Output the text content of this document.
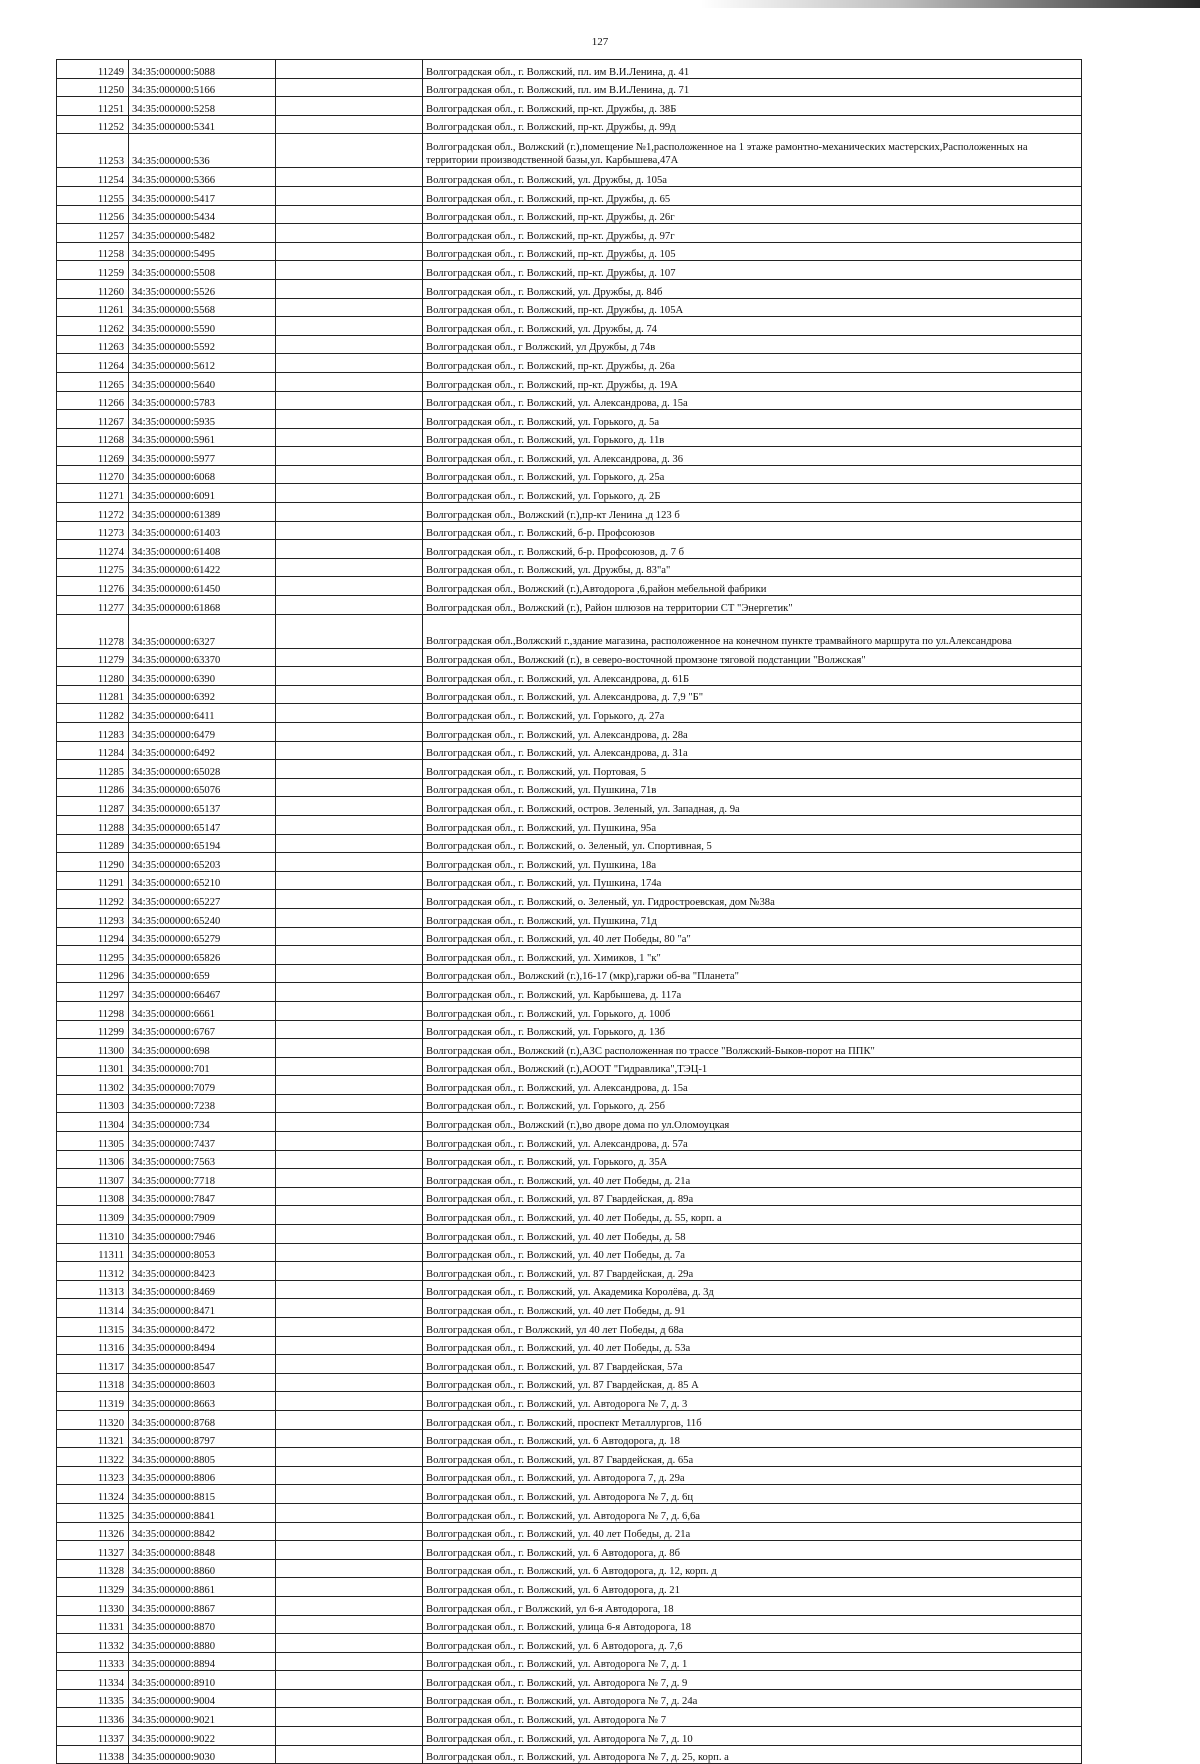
127
11249	34:35:000000:5088		Волгоградская обл., г. Волжский, пл. им В.И.Ленина, д. 41
11250	34:35:000000:5166		Волгоградская обл., г. Волжский, пл. им В.И.Ленина, д. 71
11251	34:35:000000:5258		Волгоградская обл., г. Волжский, пр-кт. Дружбы, д. 38Б
11252	34:35:000000:5341		Волгоградская обл., г. Волжский, пр-кт. Дружбы, д. 99д
11253	34:35:000000:536		Волгоградская обл., Волжский (г.),помещение №1,расположенное на 1 этаже рамонтно-механических мастерских,Расположенных на территории производственной базы,ул. Карбышева,47А
11254	34:35:000000:5366		Волгоградская обл., г. Волжский, ул. Дружбы, д. 105а
11255	34:35:000000:5417		Волгоградская обл., г. Волжский, пр-кт. Дружбы, д. 65
11256	34:35:000000:5434		Волгоградская обл., г. Волжский, пр-кт. Дружбы, д. 26г
11257	34:35:000000:5482		Волгоградская обл., г. Волжский, пр-кт. Дружбы, д. 97г
11258	34:35:000000:5495		Волгоградская обл., г. Волжский, пр-кт. Дружбы, д. 105
11259	34:35:000000:5508		Волгоградская обл., г. Волжский, пр-кт. Дружбы, д. 107
11260	34:35:000000:5526		Волгоградская обл., г. Волжский, ул. Дружбы, д. 84б
11261	34:35:000000:5568		Волгоградская обл., г. Волжский, пр-кт. Дружбы, д. 105А
11262	34:35:000000:5590		Волгоградская обл., г. Волжский, ул. Дружбы, д. 74
11263	34:35:000000:5592		Волгоградская обл., г Волжский, ул Дружбы, д 74в
11264	34:35:000000:5612		Волгоградская обл., г. Волжский, пр-кт. Дружбы, д. 26а
11265	34:35:000000:5640		Волгоградская обл., г. Волжский, пр-кт. Дружбы, д. 19А
11266	34:35:000000:5783		Волгоградская обл., г. Волжский, ул. Александрова, д. 15а
11267	34:35:000000:5935		Волгоградская обл., г. Волжский, ул. Горького, д. 5а
11268	34:35:000000:5961		Волгоградская обл., г. Волжский, ул. Горького, д. 11в
11269	34:35:000000:5977		Волгоградская обл., г. Волжский, ул. Александрова, д. 36
11270	34:35:000000:6068		Волгоградская обл., г. Волжский, ул. Горького, д. 25а
11271	34:35:000000:6091		Волгоградская обл., г. Волжский, ул. Горького, д. 2Б
11272	34:35:000000:61389		Волгоградская обл., Волжский (г.),пр-кт Ленина ,д 123 б
11273	34:35:000000:61403		Волгоградская обл., г. Волжский, б-р. Профсоюзов
11274	34:35:000000:61408		Волгоградская обл., г. Волжский, б-р. Профсоюзов, д. 7 б
11275	34:35:000000:61422		Волгоградская обл., г. Волжский, ул. Дружбы, д. 83"а"
11276	34:35:000000:61450		Волгоградская обл., Волжский (г.),Автодорога ,6,район мебельной фабрики
11277	34:35:000000:61868		Волгоградская обл., Волжский (г.), Район шлюзов на территории СТ "Энергетик"
11278	34:35:000000:6327		Волгоградская обл.,Волжский г.,здание магазина, расположенное на конечном пункте трамвайного маршрута по ул.Александрова
11279	34:35:000000:63370		Волгоградская обл., Волжский (г.), в северо-восточной промзоне тяговой подстанции "Волжская"
11280	34:35:000000:6390		Волгоградская обл., г. Волжский, ул. Александрова, д. 61Б
11281	34:35:000000:6392		Волгоградская обл., г. Волжский, ул. Александрова, д. 7,9 "Б"
11282	34:35:000000:6411		Волгоградская обл., г. Волжский, ул. Горького, д. 27а
11283	34:35:000000:6479		Волгоградская обл., г. Волжский, ул. Александрова, д. 28а
11284	34:35:000000:6492		Волгоградская обл., г. Волжский, ул. Александрова, д. 31а
11285	34:35:000000:65028		Волгоградская обл., г. Волжский, ул. Портовая, 5
11286	34:35:000000:65076		Волгоградская обл., г. Волжский, ул. Пушкина, 71в
11287	34:35:000000:65137		Волгоградская обл., г. Волжский, остров. Зеленый, ул. Западная, д. 9а
11288	34:35:000000:65147		Волгоградская обл., г. Волжский, ул. Пушкина, 95а
11289	34:35:000000:65194		Волгоградская обл., г. Волжский, о. Зеленый, ул. Спортивная, 5
11290	34:35:000000:65203		Волгоградская обл., г. Волжский, ул. Пушкина, 18а
11291	34:35:000000:65210		Волгоградская обл., г. Волжский, ул. Пушкина, 174а
11292	34:35:000000:65227		Волгоградская обл., г. Волжский, о. Зеленый, ул. Гидростроевская, дом №38а
11293	34:35:000000:65240		Волгоградская обл., г. Волжский, ул. Пушкина, 71д
11294	34:35:000000:65279		Волгоградская обл., г. Волжский, ул. 40 лет Победы, 80 "а"
11295	34:35:000000:65826		Волгоградская обл., г. Волжский, ул. Химиков, 1 "к"
11296	34:35:000000:659		Волгоградская обл., Волжский (г.),16-17 (мкр),гаржи об-ва "Планета"
11297	34:35:000000:66467		Волгоградская обл., г. Волжский, ул. Карбышева, д. 117а
11298	34:35:000000:6661		Волгоградская обл., г. Волжский, ул. Горького, д. 100б
11299	34:35:000000:6767		Волгоградская обл., г. Волжский, ул. Горького, д. 13б
11300	34:35:000000:698		Волгоградская обл., Волжский (г.),АЗС расположенная по трассе "Волжский-Быков-порот на ППК"
11301	34:35:000000:701		Волгоградская обл., Волжский (г.),АООТ "Гидравлика",ТЭЦ-1
11302	34:35:000000:7079		Волгоградская обл., г. Волжский, ул. Александрова, д. 15а
11303	34:35:000000:7238		Волгоградская обл., г. Волжский, ул. Горького, д. 25б
11304	34:35:000000:734		Волгоградская обл., Волжский (г.),во дворе дома по ул.Оломоуцкая
11305	34:35:000000:7437		Волгоградская обл., г. Волжский, ул. Александрова, д. 57а
11306	34:35:000000:7563		Волгоградская обл., г. Волжский, ул. Горького, д. 35А
11307	34:35:000000:7718		Волгоградская обл., г. Волжский, ул. 40 лет Победы, д. 21а
11308	34:35:000000:7847		Волгоградская обл., г. Волжский, ул. 87 Гвардейская, д. 89а
11309	34:35:000000:7909		Волгоградская обл., г. Волжский, ул. 40 лет Победы, д. 55, корп. а
11310	34:35:000000:7946		Волгоградская обл., г. Волжский, ул. 40 лет Победы, д. 58
11311	34:35:000000:8053		Волгоградская обл., г. Волжский, ул. 40 лет Победы, д. 7а
11312	34:35:000000:8423		Волгоградская обл., г. Волжский, ул. 87 Гвардейская, д. 29а
11313	34:35:000000:8469		Волгоградская обл., г. Волжский, ул. Академика Королёва, д. 3д
11314	34:35:000000:8471		Волгоградская обл., г. Волжский, ул. 40 лет Победы, д. 91
11315	34:35:000000:8472		Волгоградская обл., г Волжский, ул 40 лет Победы, д 68а
11316	34:35:000000:8494		Волгоградская обл., г. Волжский, ул. 40 лет Победы, д. 53а
11317	34:35:000000:8547		Волгоградская обл., г. Волжский, ул. 87 Гвардейская, 57а
11318	34:35:000000:8603		Волгоградская обл., г. Волжский, ул. 87 Гвардейская, д. 85 А
11319	34:35:000000:8663		Волгоградская обл., г. Волжский, ул. Автодорога № 7, д. 3
11320	34:35:000000:8768		Волгоградская обл., г. Волжский, проспект Металлургов, 11б
11321	34:35:000000:8797		Волгоградская обл., г. Волжский, ул. 6 Автодорога, д. 18
11322	34:35:000000:8805		Волгоградская обл., г. Волжский, ул. 87 Гвардейская, д. 65а
11323	34:35:000000:8806		Волгоградская обл., г. Волжский, ул. Автодорога 7, д. 29а
11324	34:35:000000:8815		Волгоградская обл., г. Волжский, ул. Автодорога № 7, д. 6ц
11325	34:35:000000:8841		Волгоградская обл., г. Волжский, ул. Автодорога № 7, д. 6,6а
11326	34:35:000000:8842		Волгоградская обл., г. Волжский, ул. 40 лет Победы, д. 21а
11327	34:35:000000:8848		Волгоградская обл., г. Волжский, ул. 6 Автодорога, д. 8б
11328	34:35:000000:8860		Волгоградская обл., г. Волжский, ул. 6 Автодорога, д. 12, корп. д
11329	34:35:000000:8861		Волгоградская обл., г. Волжский, ул. 6 Автодорога, д. 21
11330	34:35:000000:8867		Волгоградская обл., г Волжский, ул 6-я Автодорога, 18
11331	34:35:000000:8870		Волгоградская обл., г. Волжский, улица 6-я Автодорога, 18
11332	34:35:000000:8880		Волгоградская обл., г. Волжский, ул. 6 Автодорога, д. 7,6
11333	34:35:000000:8894		Волгоградская обл., г. Волжский, ул. Автодорога № 7, д. 1
11334	34:35:000000:8910		Волгоградская обл., г. Волжский, ул. Автодорога № 7, д. 9
11335	34:35:000000:9004		Волгоградская обл., г. Волжский, ул. Автодорога № 7, д. 24а
11336	34:35:000000:9021		Волгоградская обл., г. Волжский, ул. Автодорога № 7
11337	34:35:000000:9022		Волгоградская обл., г. Волжский, ул. Автодорога № 7, д. 10
11338	34:35:000000:9030		Волгоградская обл., г. Волжский, ул. Автодорога № 7, д. 25, корп. а
